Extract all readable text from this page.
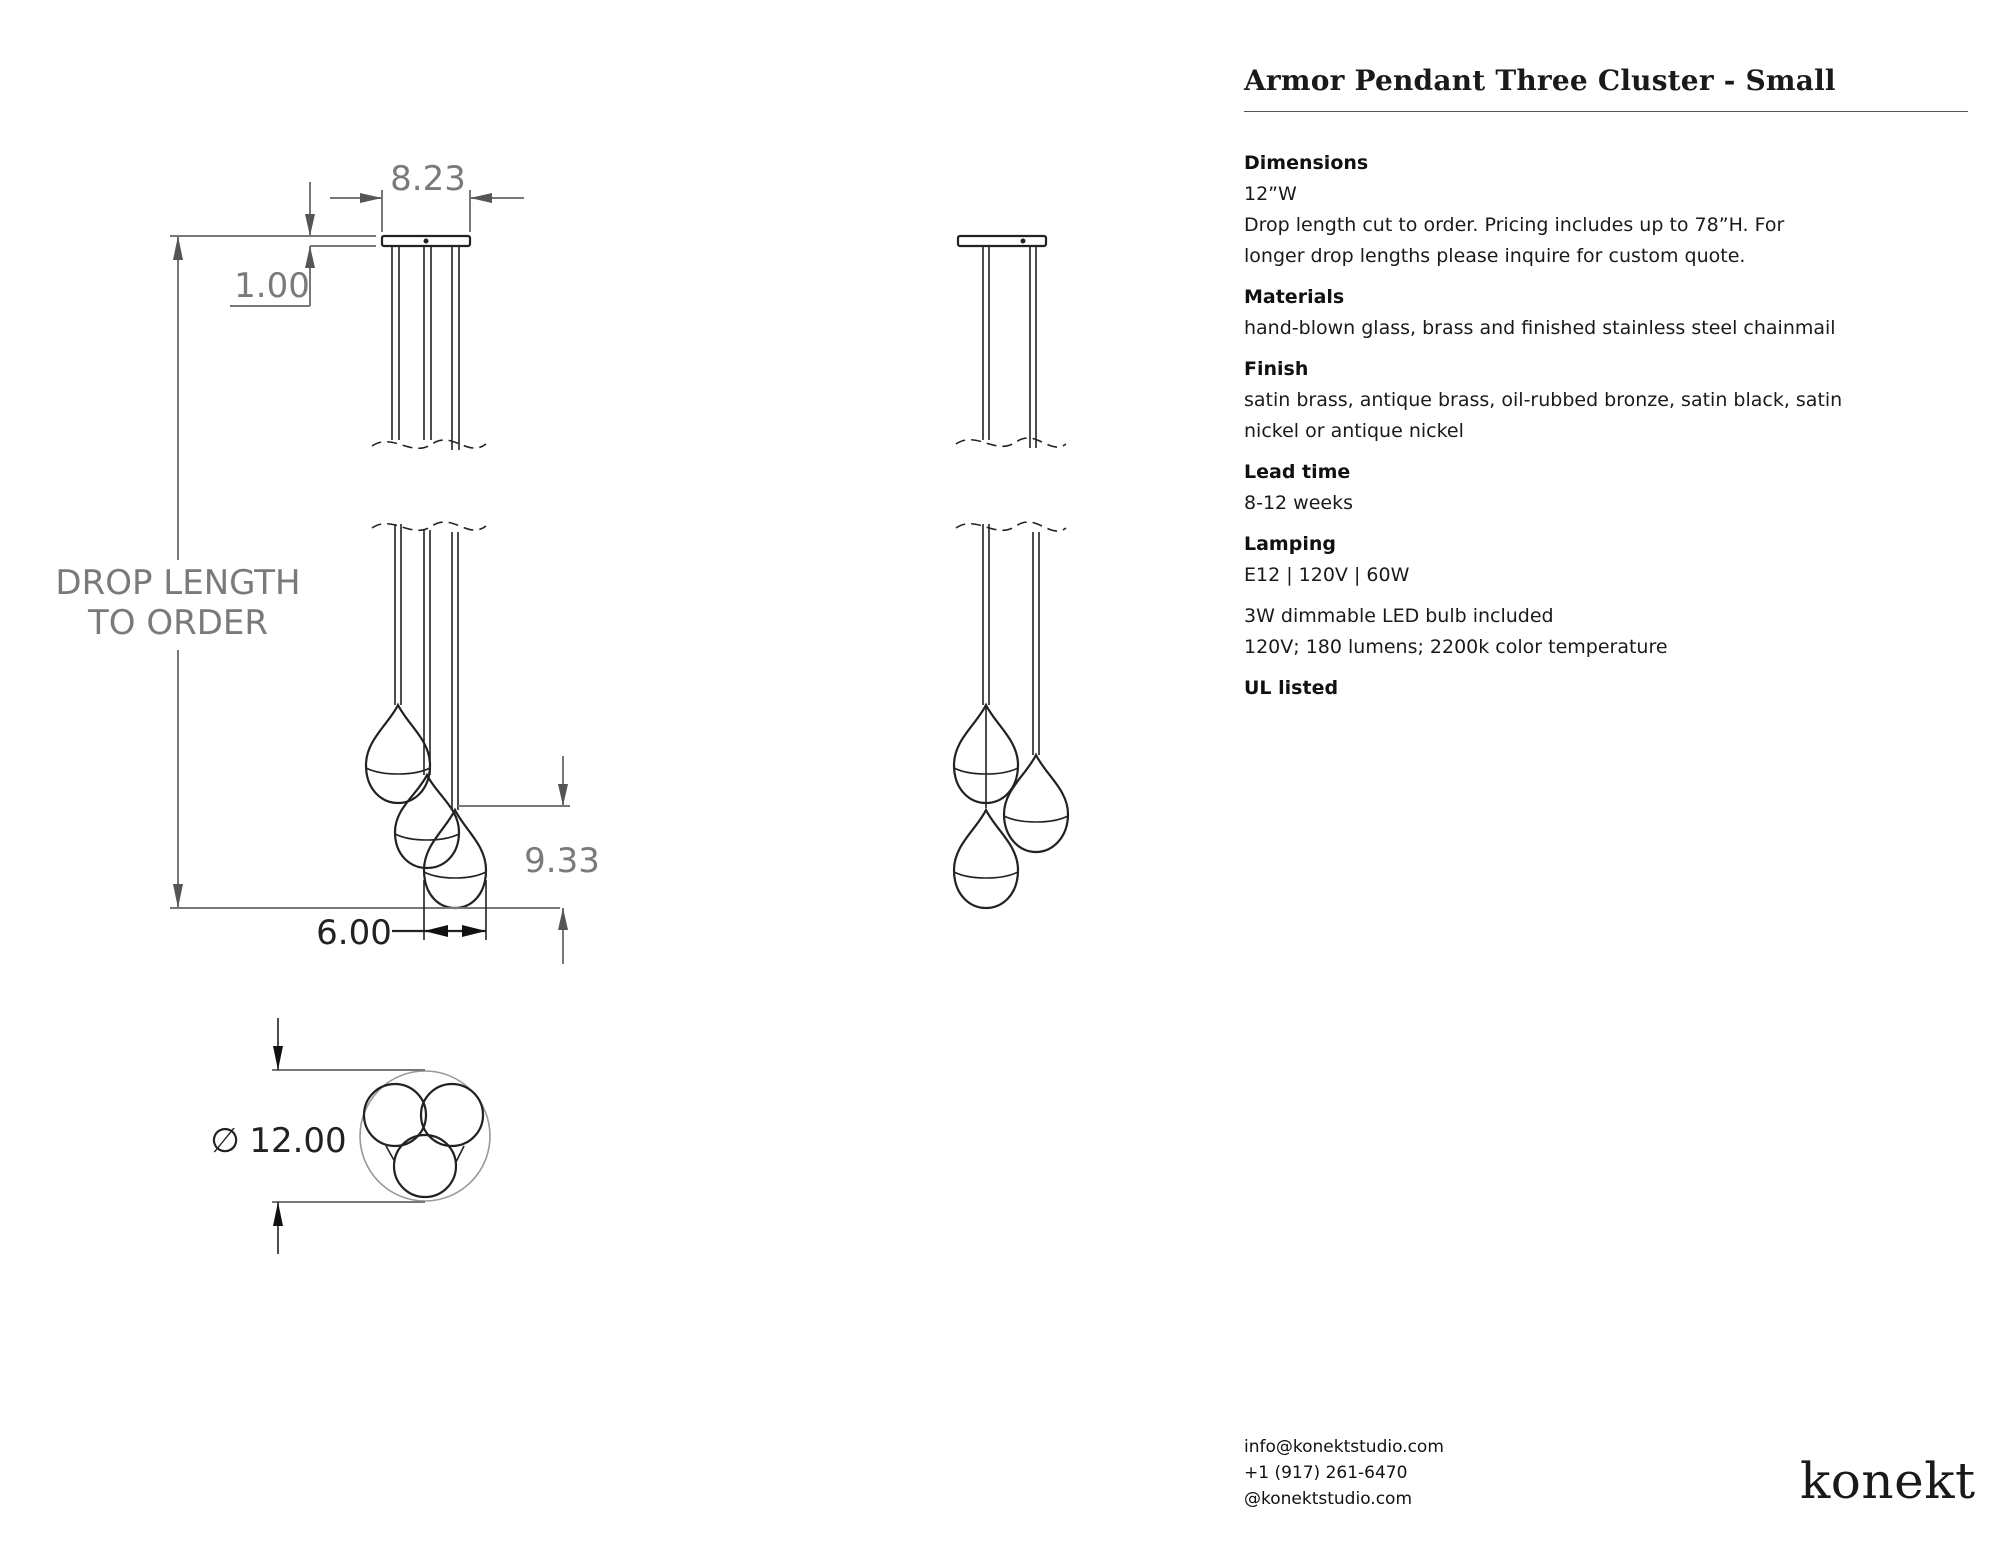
8.23
1.00
DROP LENGTH
TO ORDER
9.33
6.00
∅ 12.00
Armor Pendant Three Cluster - Small
Dimensions
12”W
Drop length cut to order. Pricing includes up to 78”H. For
longer drop lengths please inquire for custom quote.
Materials
hand-blown glass, brass and finished stainless steel chainmail
Finish
satin brass, antique brass, oil-rubbed bronze, satin black, satin
nickel or antique nickel
Lead time
8-12 weeks
Lamping
E12 | 120V | 60W
3W dimmable LED bulb included
120V; 180 lumens; 2200k color temperature
UL listed
info@konektstudio.com
+1 (917) 261-6470
@konektstudio.com	konekt
